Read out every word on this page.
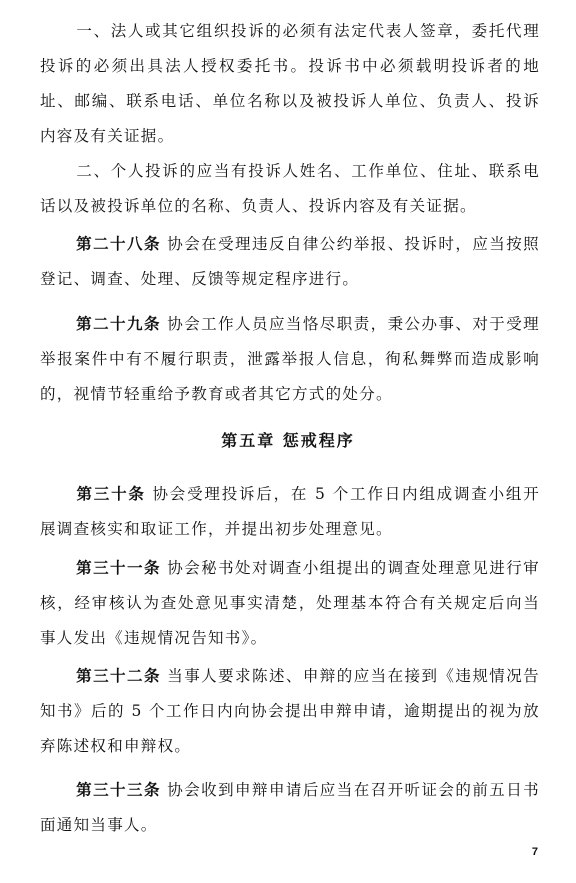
一、法人或其它组织投诉的必须有法定代表人签章，委托代理投诉的必须出具法人授权委托书。投诉书中必须载明投诉者的地址、邮编、联系电话、单位名称以及被投诉人单位、负责人、投诉内容及有关证据。

二、个人投诉的应当有投诉人姓名、工作单位、住址、联系电话以及被投诉单位的名称、负责人、投诉内容及有关证据。

第二十八条 协会在受理违反自律公约举报、投诉时，应当按照登记、调查、处理、反馈等规定程序进行。

第二十九条 协会工作人员应当恪尽职责，秉公办事、对于受理举报案件中有不履行职责，泄露举报人信息，徇私舞弊而造成影响的，视情节轻重给予教育或者其它方式的处分。

第五章 惩戒程序

第三十条 协会受理投诉后，在 5 个工作日内组成调查小组开展调查核实和取证工作，并提出初步处理意见。

第三十一条 协会秘书处对调查小组提出的调查处理意见进行审核，经审核认为查处意见事实清楚，处理基本符合有关规定后向当事人发出《违规情况告知书》。

第三十二条 当事人要求陈述、申辩的应当在接到《违规情况告知书》后的 5 个工作日内向协会提出申辩申请，逾期提出的视为放弃陈述权和申辩权。

第三十三条 协会收到申辩申请后应当在召开听证会的前五日书面通知当事人。

7
